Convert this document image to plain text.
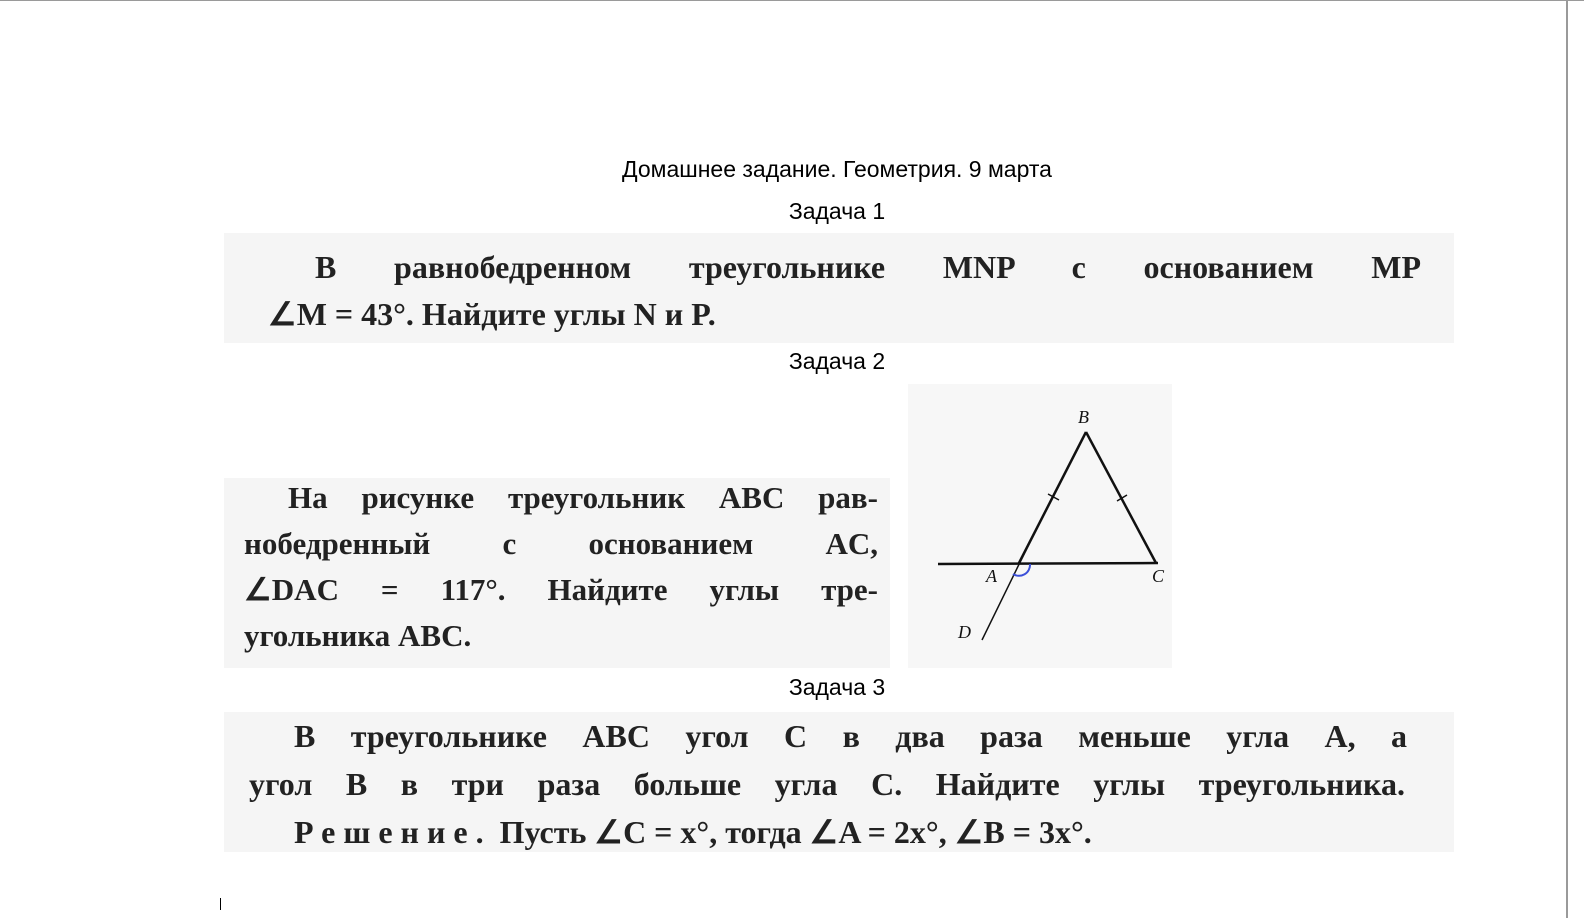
Домашнее задание. Геометрия. 9 марта
Задача 1
В равнобедренном треугольнике MNP с основанием MP
∠M = 43°. Найдите углы N и P.
Задача 2
На рисунке треугольник ABC рав-
нобедренный с основанием AC,
∠DAC = 117°. Найдите углы тре-
угольника ABC.
B
A	C
D
Задача 3
В треугольнике ABC угол C в два раза меньше угла A, а
угол B в три раза больше угла C. Найдите углы треугольника.
Решение. Пусть ∠C = x°, тогда ∠A = 2x°, ∠B = 3x°.
